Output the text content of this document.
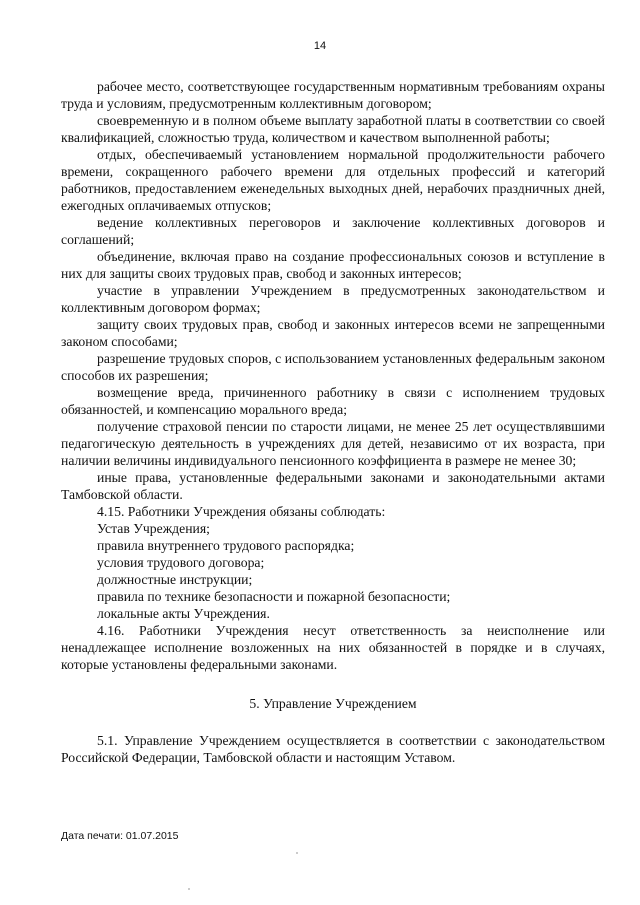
14

рабочее место, соответствующее государственным нормативным требованиям охраны труда и условиям, предусмотренным коллективным договором;

своевременную и в полном объеме выплату заработной платы в соответствии со своей квалификацией, сложностью труда, количеством и качеством выполненной работы;

отдых, обеспечиваемый установлением нормальной продолжительности рабочего времени, сокращенного рабочего времени для отдельных профессий и категорий работников, предоставлением еженедельных выходных дней, нерабочих праздничных дней, ежегодных оплачиваемых отпусков;

ведение коллективных переговоров и заключение коллективных договоров и соглашений;

объединение, включая право на создание профессиональных союзов и вступление в них для защиты своих трудовых прав, свобод и законных интересов;

участие в управлении Учреждением в предусмотренных законодательством и коллективным договором формах;

защиту своих трудовых прав, свобод и законных интересов всеми не запрещенными законом способами;

разрешение трудовых споров, с использованием установленных федеральным законом способов их разрешения;

возмещение вреда, причиненного работнику в связи с исполнением трудовых обязанностей, и компенсацию морального вреда;

получение страховой пенсии по старости лицами, не менее 25 лет осуществлявшими педагогическую деятельность в учреждениях для детей, независимо от их возраста, при наличии величины индивидуального пенсионного коэффициента в размере не менее 30;

иные права, установленные федеральными законами и законодательными актами Тамбовской области.

4.15. Работники Учреждения обязаны соблюдать:

Устав Учреждения;

правила внутреннего трудового распорядка;

условия трудового договора;

должностные инструкции;

правила по технике безопасности и пожарной безопасности;

локальные акты Учреждения.

4.16. Работники Учреждения несут ответственность за неисполнение или ненадлежащее исполнение возложенных на них обязанностей в порядке и в случаях, которые установлены федеральными законами.

5. Управление Учреждением

5.1. Управление Учреждением осуществляется в соответствии с законодательством Российской Федерации, Тамбовской области и настоящим Уставом.

Дата печати: 01.07.2015
